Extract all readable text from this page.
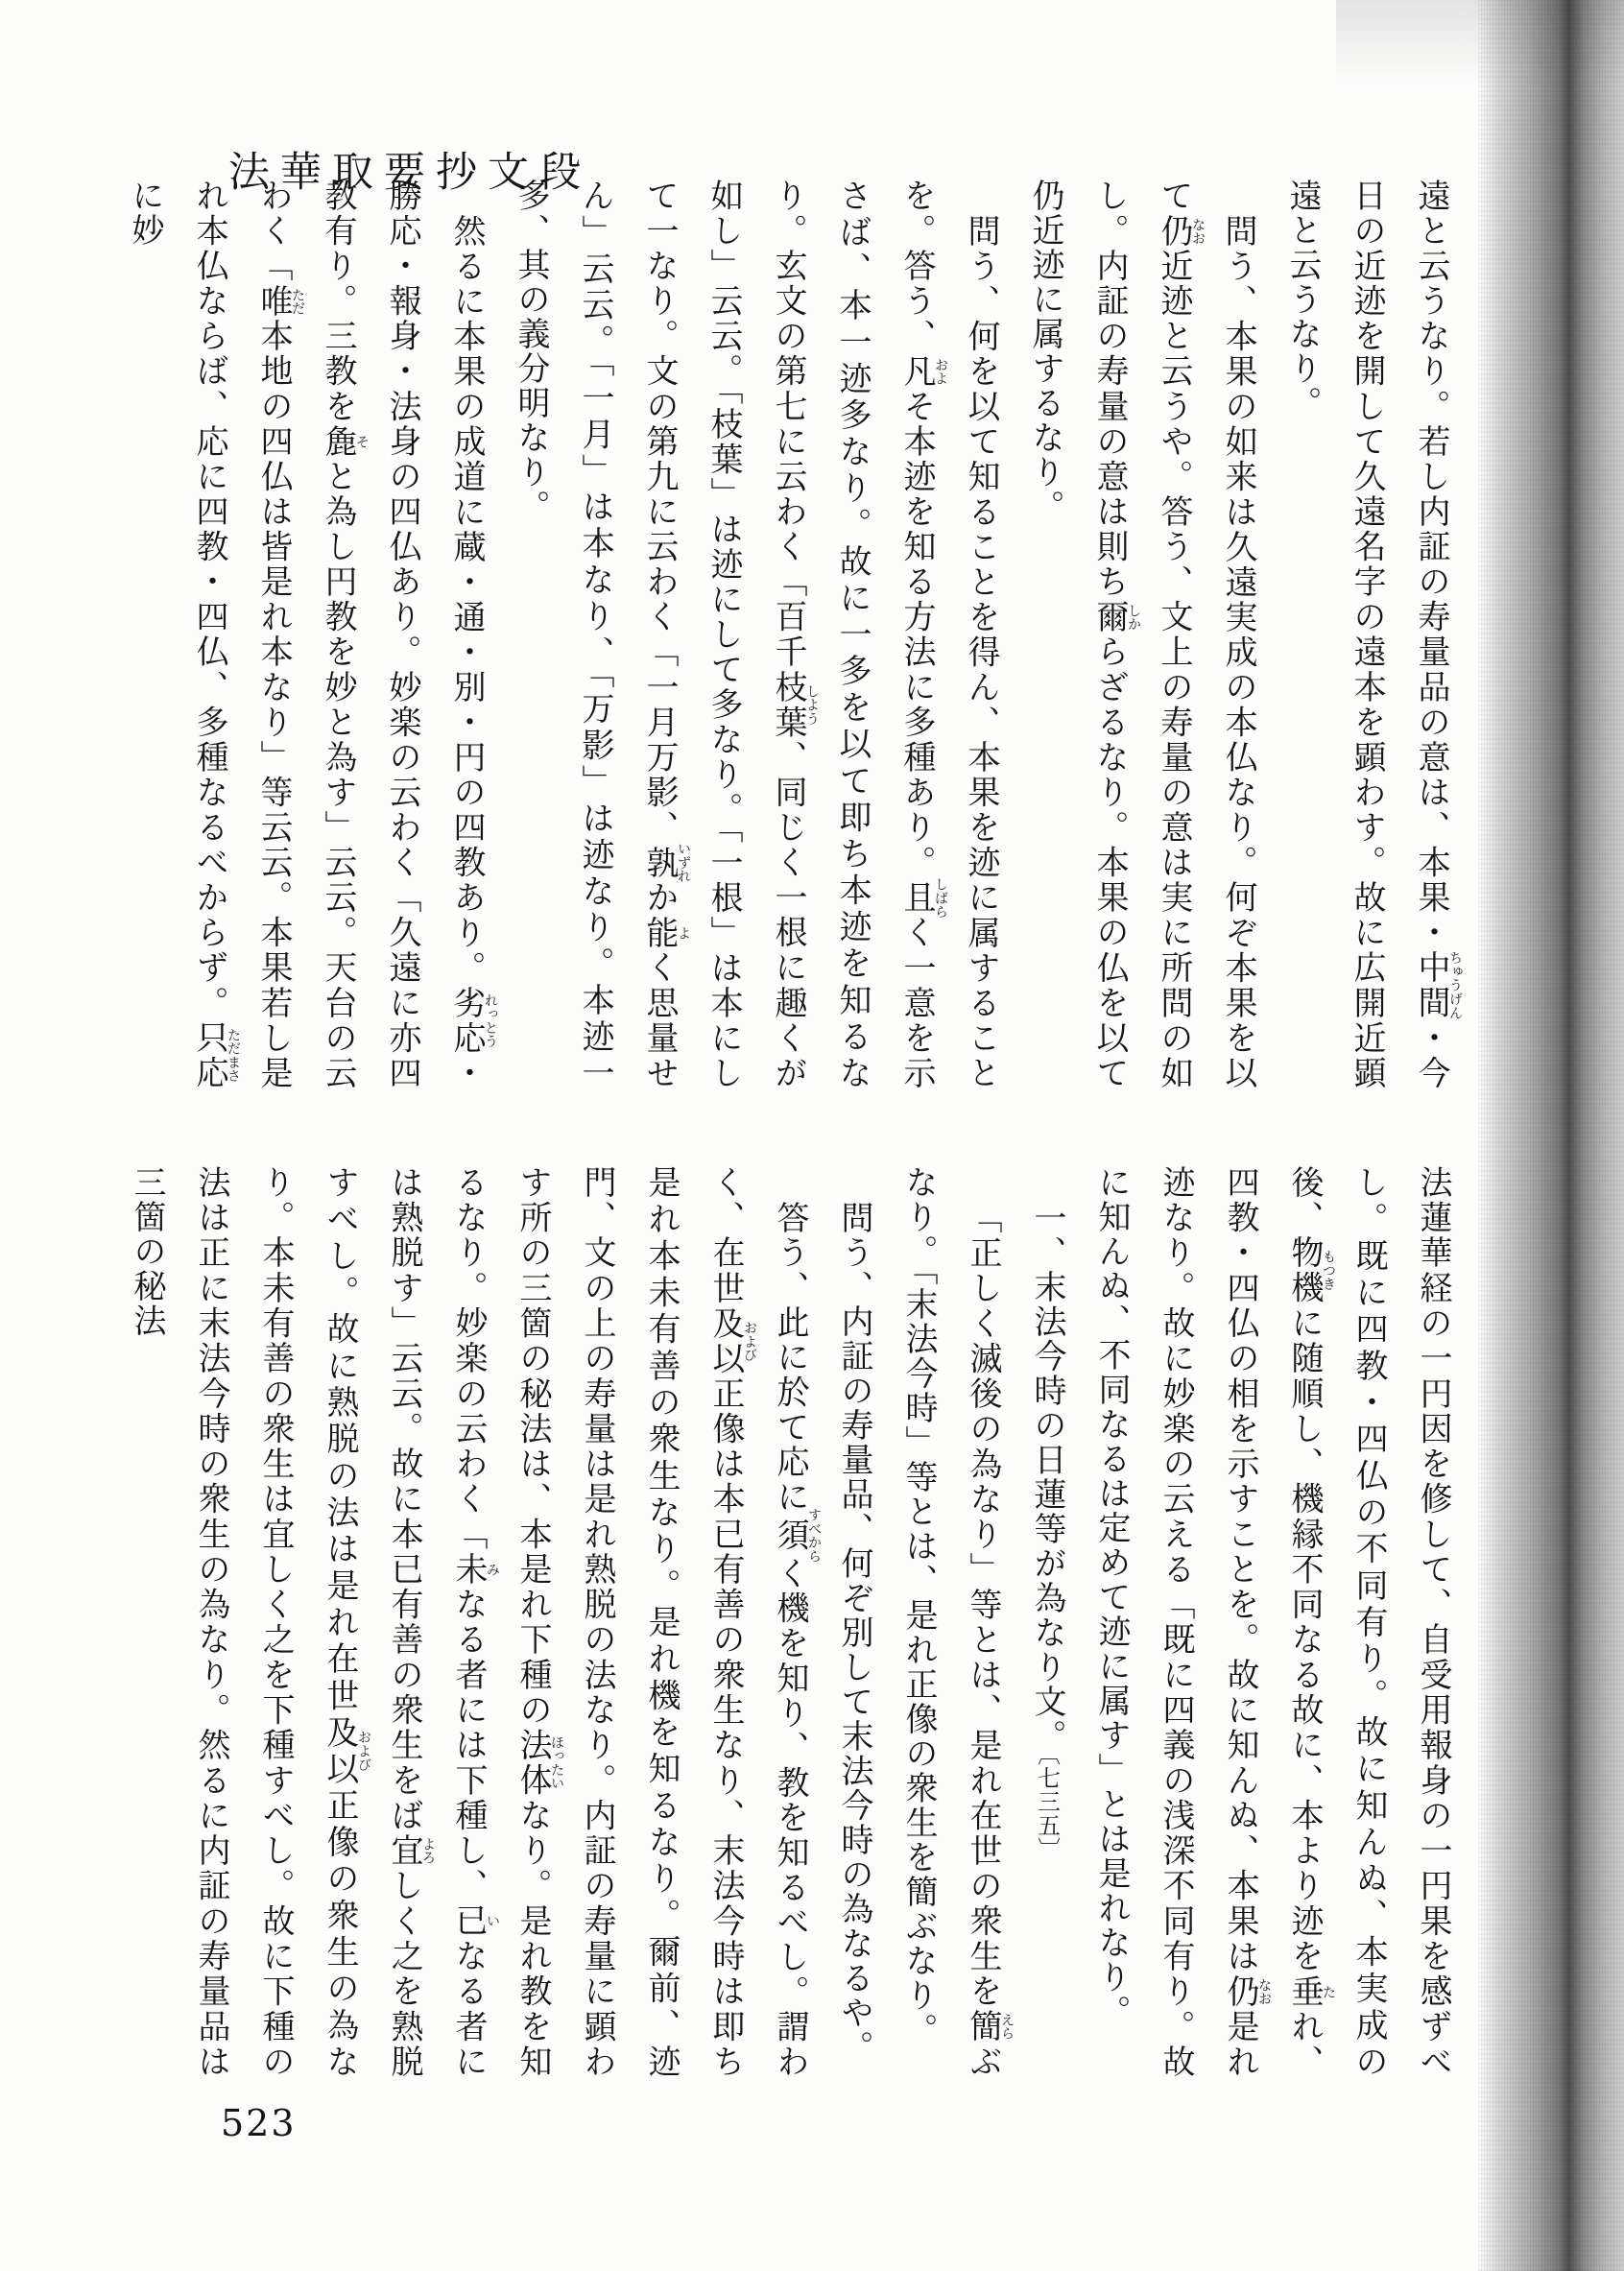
法華取要抄文段

遠と云うなり。若し内証の寿量品の意は、本果・中間ちゅうげん・今日の近迹を開して久遠名字の遠本を顕わす。故に広開近顕遠と云うなり。

問う、本果の如来は久遠実成の本仏なり。何ぞ本果を以て仍なお近迹と云うや。答う、文上の寿量の意は実に所問の如し。内証の寿量の意は則ち爾しからざるなり。本果の仏を以て仍近迹に属するなり。

問う、何を以て知ることを得ん、本果を迹に属することを。答う、凡およそ本迹を知る方法に多種あり。且しばらく一意を示さば、本一迹多なり。故に一多を以て即ち本迹を知るなり。玄文の第七に云わく「百千枝葉しよう、同じく一根に趣くが如し」云云。「枝葉」は迹にして多なり。「一根」は本にして一なり。文の第九に云わく「一月万影、孰いずれか能よく思量せん」云云。「一月」は本なり、「万影」は迹なり。本迹一多、其の義分明なり。

然るに本果の成道に蔵・通・別・円の四教あり。劣応れっとう・勝応・報身・法身の四仏あり。妙楽の云わく「久遠に亦四教有り。三教を麁そと為し円教を妙と為す」云云。天台の云わく「唯ただ本地の四仏は皆是れ本なり」等云云。本果若し是れ本仏ならば、応に四教・四仏、多種なるべからず。只応ただまさに妙

法蓮華経の一円因を修して、自受用報身の一円果を感ずべし。既に四教・四仏の不同有り。故に知んぬ、本実成の後、物機もつきに随順し、機縁不同なる故に、本より迹を垂たれ、四教・四仏の相を示すことを。故に知んぬ、本果は仍なお是れ迹なり。故に妙楽の云える「既に四義の浅深不同有り。故に知んぬ、不同なるは定めて迹に属す」とは是れなり。

一、末法今時の日蓮等が為なり文。〔七三五〕

「正しく滅後の為なり」等とは、是れ在世の衆生を簡えらぶなり。「末法今時」等とは、是れ正像の衆生を簡ぶなり。

問う、内証の寿量品、何ぞ別して末法今時の為なるや。

答う、此に於て応に須すべからく機を知り、教を知るべし。謂わく、在世及以および正像は本已有善の衆生なり、末法今時は即ち是れ本未有善の衆生なり。是れ機を知るなり。爾前、迹門、文の上の寿量は是れ熟脱の法なり。内証の寿量に顕わす所の三箇の秘法は、本是れ下種の法体ほったいなり。是れ教を知るなり。妙楽の云わく「未みなる者には下種し、已いなる者には熟脱す」云云。故に本已有善の衆生をば宜よろしく之を熟脱すべし。故に熟脱の法は是れ在世及以および正像の衆生の為なり。本未有善の衆生は宜しく之を下種すべし。故に下種の法は正に末法今時の衆生の為なり。然るに内証の寿量品は三箇の秘法

523
